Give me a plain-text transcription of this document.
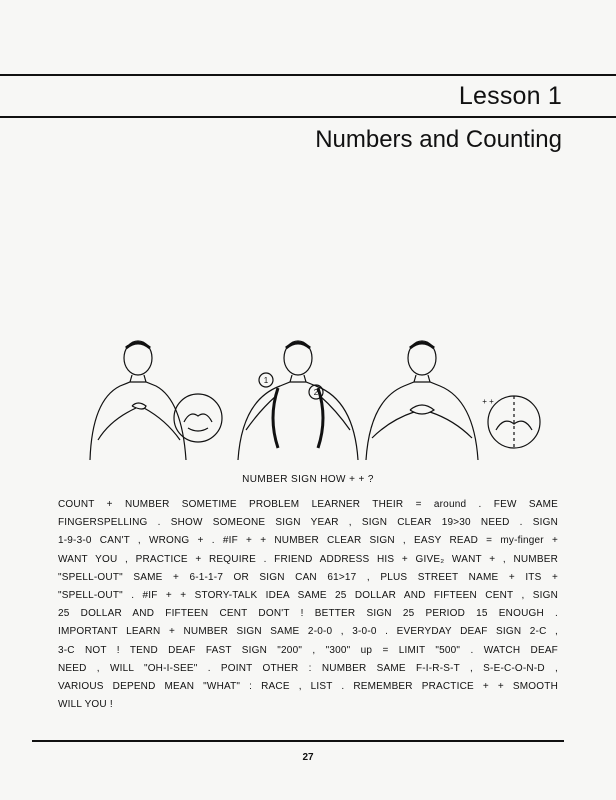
Lesson 1
Numbers and Counting
1
2
+ +
NUMBER SIGN HOW + + ?
COUNT + NUMBER SOMETIME PROBLEM LEARNER THEIR = around . FEW SAME
FINGERSPELLING . SHOW SOMEONE SIGN YEAR , SIGN CLEAR 19>30 NEED . SIGN
1-9-3-0 CAN'T , WRONG + . #IF + + NUMBER CLEAR SIGN , EASY READ = my-finger +
WANT YOU , PRACTICE + REQUIRE . FRIEND ADDRESS HIS + GIVE₂ WANT + , NUMBER
"SPELL-OUT" SAME + 6-1-1-7 OR SIGN CAN 61>17 , PLUS STREET NAME + ITS +
"SPELL-OUT" . #IF + + STORY-TALK IDEA SAME 25 DOLLAR AND FIFTEEN CENT , SIGN
25 DOLLAR AND FIFTEEN CENT DON'T ! BETTER SIGN 25 PERIOD 15 ENOUGH .
IMPORTANT LEARN + NUMBER SIGN SAME 2-0-0 , 3-0-0 . EVERYDAY DEAF SIGN 2-C ,
3-C NOT ! TEND DEAF FAST SIGN "200" , "300" up = LIMIT "500" . WATCH DEAF
NEED , WILL "OH-I-SEE" . POINT OTHER : NUMBER SAME F-I-R-S-T , S-E-C-O-N-D ,
VARIOUS DEPEND MEAN "WHAT" : RACE , LIST . REMEMBER PRACTICE + + SMOOTH
WILL YOU !
27
